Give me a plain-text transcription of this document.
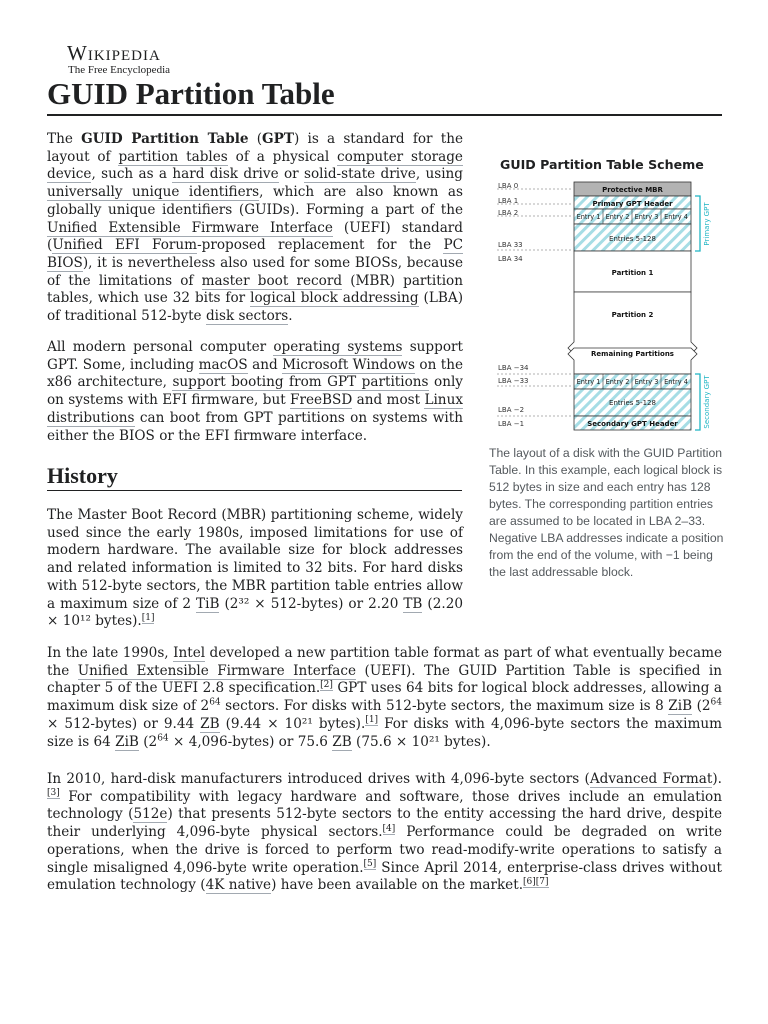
Wikipedia
The Free Encyclopedia
GUID Partition Table

The GUID Partition Table (GPT) is a standard for the layout of partition tables of a physical computer storage device, such as a hard disk drive or solid-state drive, using universally unique identifiers, which are also known as globally unique identifiers (GUIDs). Forming a part of the Unified Extensible Firmware Interface (UEFI) standard (Unified EFI Forum-proposed replacement for the PC BIOS), it is nevertheless also used for some BIOSs, because of the limitations of master boot record (MBR) partition tables, which use 32 bits for logical block addressing (LBA) of traditional 512-byte disk sectors.

All modern personal computer operating systems support GPT. Some, including macOS and Microsoft Windows on the x86 architecture, support booting from GPT partitions only on systems with EFI firmware, but FreeBSD and most Linux distributions can boot from GPT partitions on systems with either the BIOS or the EFI firmware interface.

History

The Master Boot Record (MBR) partitioning scheme, widely used since the early 1980s, imposed limitations for use of modern hardware. The available size for block addresses and related information is limited to 32 bits. For hard disks with 512-byte sectors, the MBR partition table entries allow a maximum size of 2 TiB (2³² × 512-bytes) or 2.20 TB (2.20 × 10¹² bytes).[1]

In the late 1990s, Intel developed a new partition table format as part of what eventually became the Unified Extensible Firmware Interface (UEFI). The GUID Partition Table is specified in chapter 5 of the UEFI 2.8 specification.[2] GPT uses 64 bits for logical block addresses, allowing a maximum disk size of $2^{64}$ sectors. For disks with 512-byte sectors, the maximum size is 8 ZiB ($2^{64}$ × 512-bytes) or 9.44 ZB (9.44 × 10²¹ bytes).[1] For disks with 4,096-byte sectors the maximum size is 64 ZiB ($2^{64}$ × 4,096-bytes) or 75.6 ZB (75.6 × 10²¹ bytes).

In 2010, hard-disk manufacturers introduced drives with 4,096-byte sectors (Advanced Format).[3] For compatibility with legacy hardware and software, those drives include an emulation technology (512e) that presents 512-byte sectors to the entity accessing the hard drive, despite their underlying 4,096-byte physical sectors.[4] Performance could be degraded on write operations, when the drive is forced to perform two read-modify-write operations to satisfy a single misaligned 4,096-byte write operation.[5] Since April 2014, enterprise-class drives without emulation technology (4K native) have been available on the market.[6][7]

GUID Partition Table Scheme
LBA 0
LBA 1
LBA 2
LBA 33
LBA 34
LBA −34
LBA −33
LBA −2
LBA −1
Protective MBR
Primary GPT Header
Entry 1 Entry 2 Entry 3 Entry 4
Entries 5-128
Partition 1
Partition 2
Remaining Partitions
Entry 1 Entry 2 Entry 3 Entry 4
Entries 5-128
Secondary GPT Header
Primary GPT
Secondary GPT
The layout of a disk with the GUID Partition Table. In this example, each logical block is 512 bytes in size and each entry has 128 bytes. The corresponding partition entries are assumed to be located in LBA 2–33. Negative LBA addresses indicate a position from the end of the volume, with −1 being the last addressable block.
